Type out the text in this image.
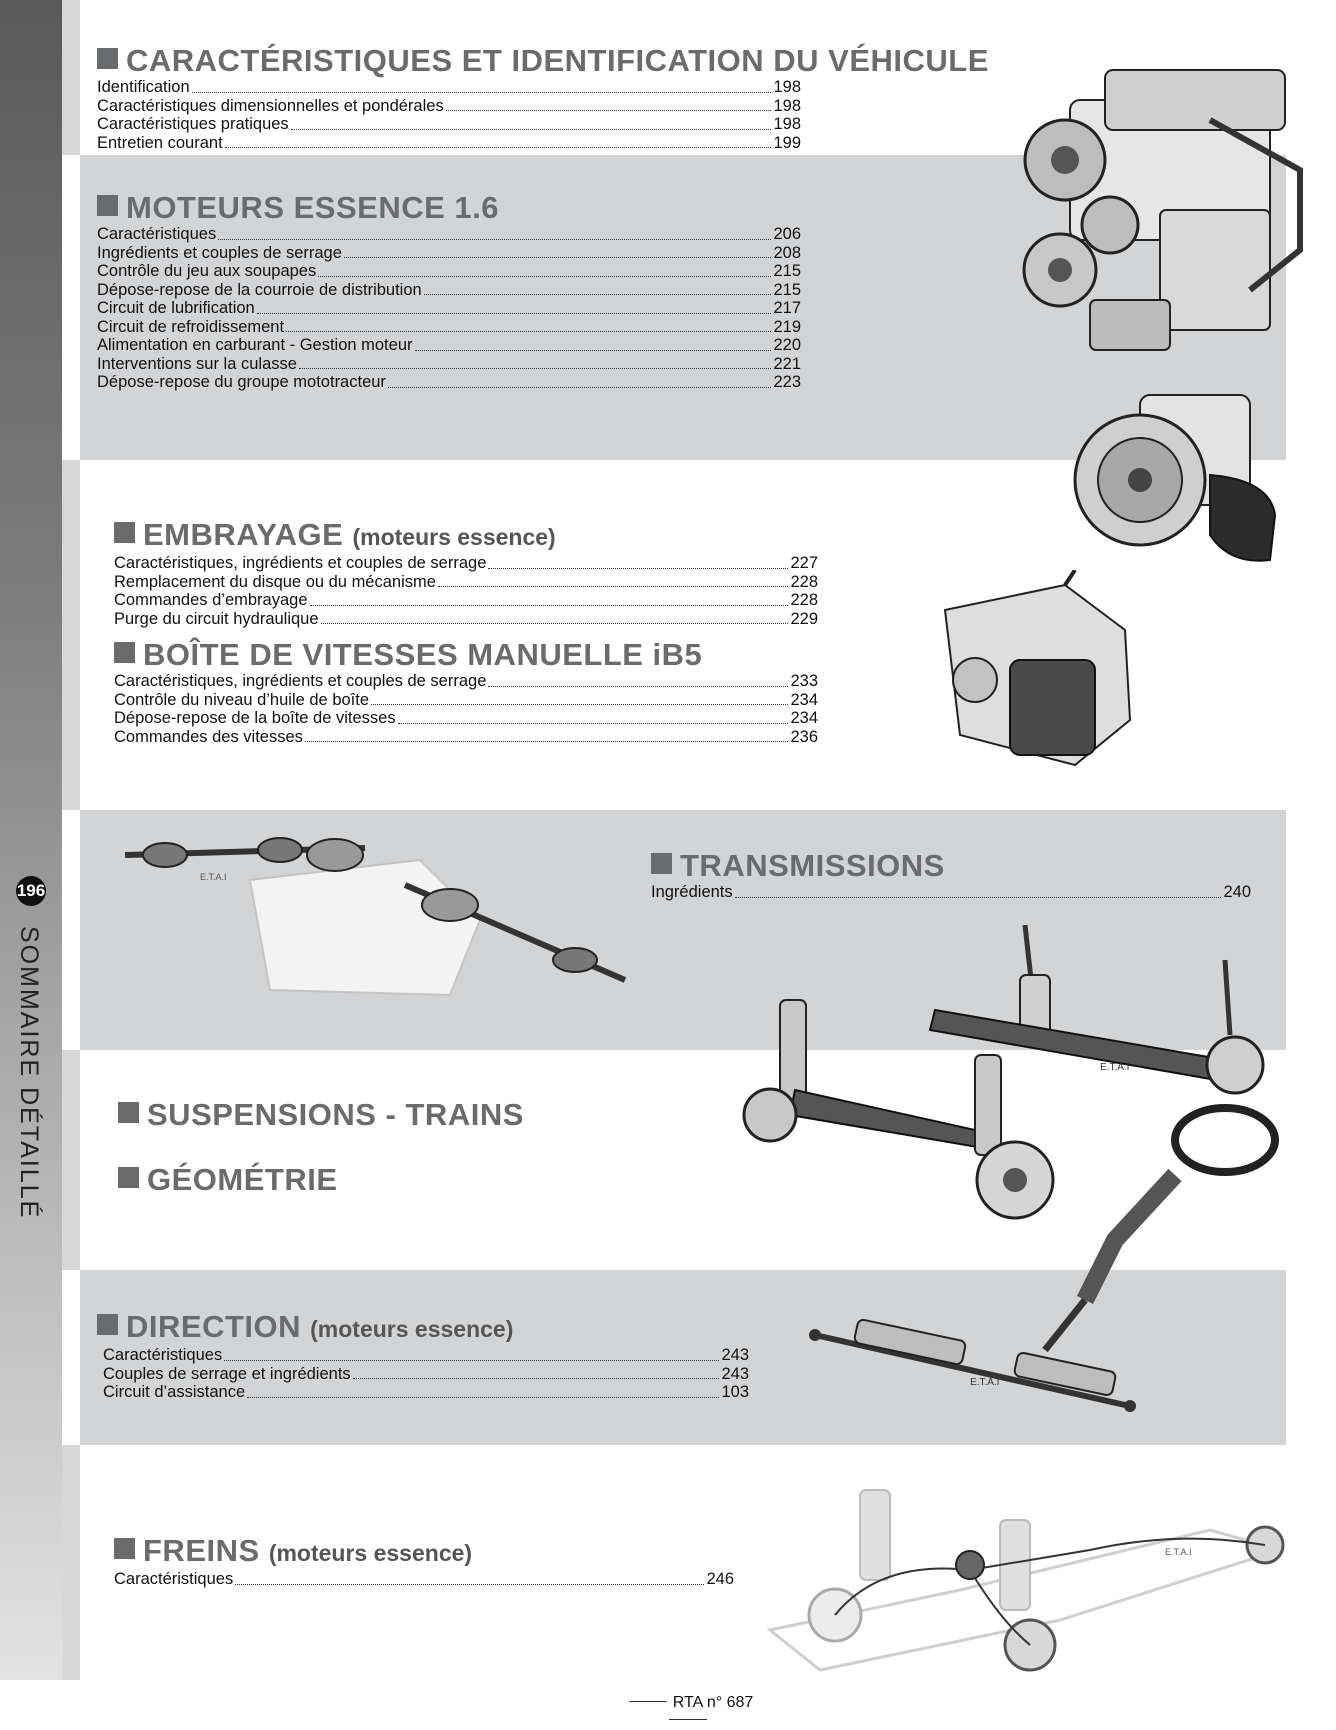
196
SOMMAIRE DÉTAILLÉ
CARACTÉRISTIQUES ET IDENTIFICATION DU VÉHICULE
Identification	198
Caractéristiques dimensionnelles et pondérales	198
Caractéristiques pratiques	198
Entretien courant	199
MOTEURS ESSENCE 1.6
Caractéristiques	206
Ingrédients et couples de serrage	208
Contrôle du jeu aux soupapes	215
Dépose-repose de la courroie de distribution	215
Circuit de lubrification	217
Circuit de refroidissement	219
Alimentation en carburant - Gestion moteur	220
Interventions sur la culasse	221
Dépose-repose du groupe mototracteur	223
EMBRAYAGE (moteurs essence)
Caractéristiques, ingrédients et couples de serrage	227
Remplacement du disque ou du mécanisme	228
Commandes d’embrayage	228
Purge du circuit hydraulique	229
BOÎTE DE VITESSES MANUELLE iB5
Caractéristiques, ingrédients et couples de serrage	233
Contrôle du niveau d’huile de boîte	234
Dépose-repose de la boîte de vitesses	234
Commandes des vitesses	236
TRANSMISSIONS
Ingrédients	240
SUSPENSIONS - TRAINS
GÉOMÉTRIE
DIRECTION (moteurs essence)
Caractéristiques	243
Couples de serrage et ingrédients	243
Circuit d’assistance	103
FREINS (moteurs essence)
Caractéristiques	246
E.T.A.I
E.T.A.I
E.T.A.I
E.T.A.I
RTA n° 687
